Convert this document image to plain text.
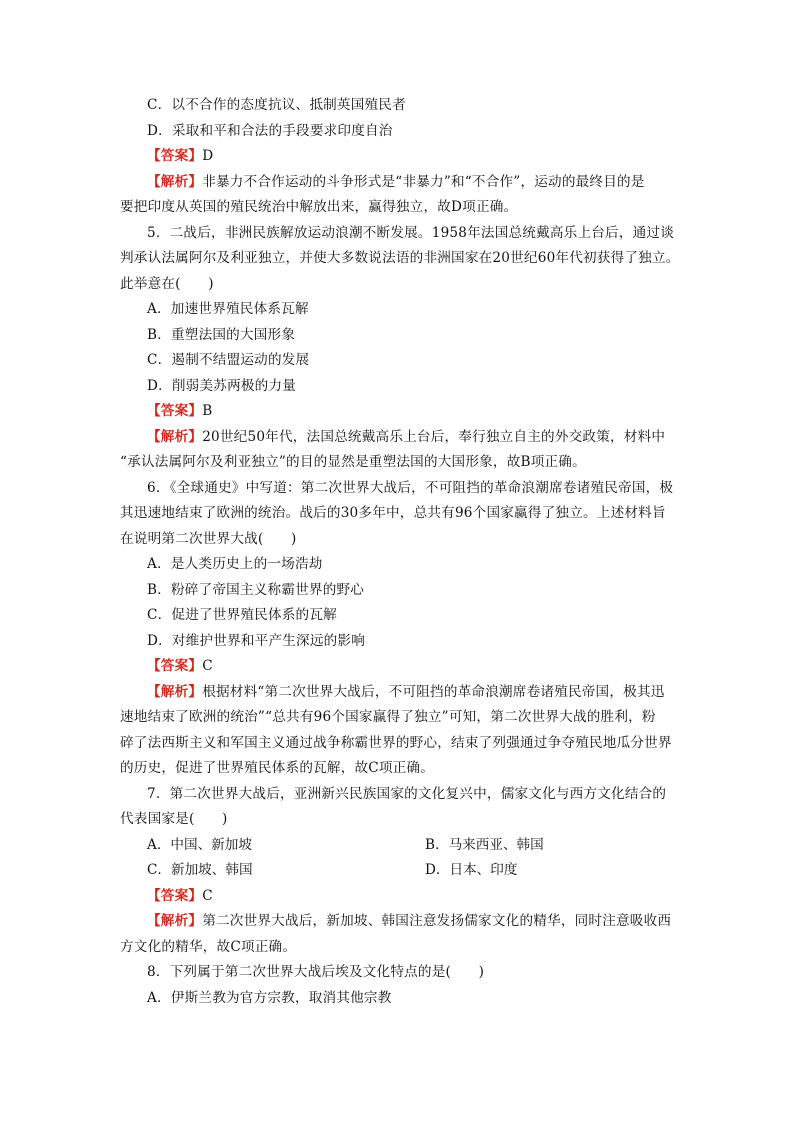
C．以不合作的态度抗议、抵制英国殖民者
D．采取和平和合法的手段要求印度自治
【答案】D
【解析】非暴力不合作运动的斗争形式是“非暴力”和“不合作”，运动的最终目的是
要把印度从英国的殖民统治中解放出来，赢得独立，故D项正确。
5．二战后，非洲民族解放运动浪潮不断发展。1958年法国总统戴高乐上台后，通过谈
判承认法属阿尔及利亚独立，并使大多数说法语的非洲国家在20世纪60年代初获得了独立。
此举意在(　　)
A．加速世界殖民体系瓦解
B．重塑法国的大国形象
C．遏制不结盟运动的发展
D．削弱美苏两极的力量
【答案】B
【解析】20世纪50年代，法国总统戴高乐上台后，奉行独立自主的外交政策，材料中
“承认法属阿尔及利亚独立”的目的显然是重塑法国的大国形象，故B项正确。
6．《全球通史》中写道：第二次世界大战后，不可阻挡的革命浪潮席卷诸殖民帝国，极
其迅速地结束了欧洲的统治。战后的30多年中，总共有96个国家赢得了独立。上述材料旨
在说明第二次世界大战(　　)
A．是人类历史上的一场浩劫
B．粉碎了帝国主义称霸世界的野心
C．促进了世界殖民体系的瓦解
D．对维护世界和平产生深远的影响
【答案】C
【解析】根据材料“第二次世界大战后，不可阻挡的革命浪潮席卷诸殖民帝国，极其迅
速地结束了欧洲的统治”“总共有96个国家赢得了独立”可知，第二次世界大战的胜利，粉
碎了法西斯主义和军国主义通过战争称霸世界的野心，结束了列强通过争夺殖民地瓜分世界
的历史，促进了世界殖民体系的瓦解，故C项正确。
7．第二次世界大战后，亚洲新兴民族国家的文化复兴中，儒家文化与西方文化结合的
代表国家是(　　)
A．中国、新加坡	B．马来西亚、韩国
C．新加坡、韩国	D．日本、印度
【答案】C
【解析】第二次世界大战后，新加坡、韩国注意发扬儒家文化的精华，同时注意吸收西
方文化的精华，故C项正确。
8．下列属于第二次世界大战后埃及文化特点的是(　　)
A．伊斯兰教为官方宗教，取消其他宗教
